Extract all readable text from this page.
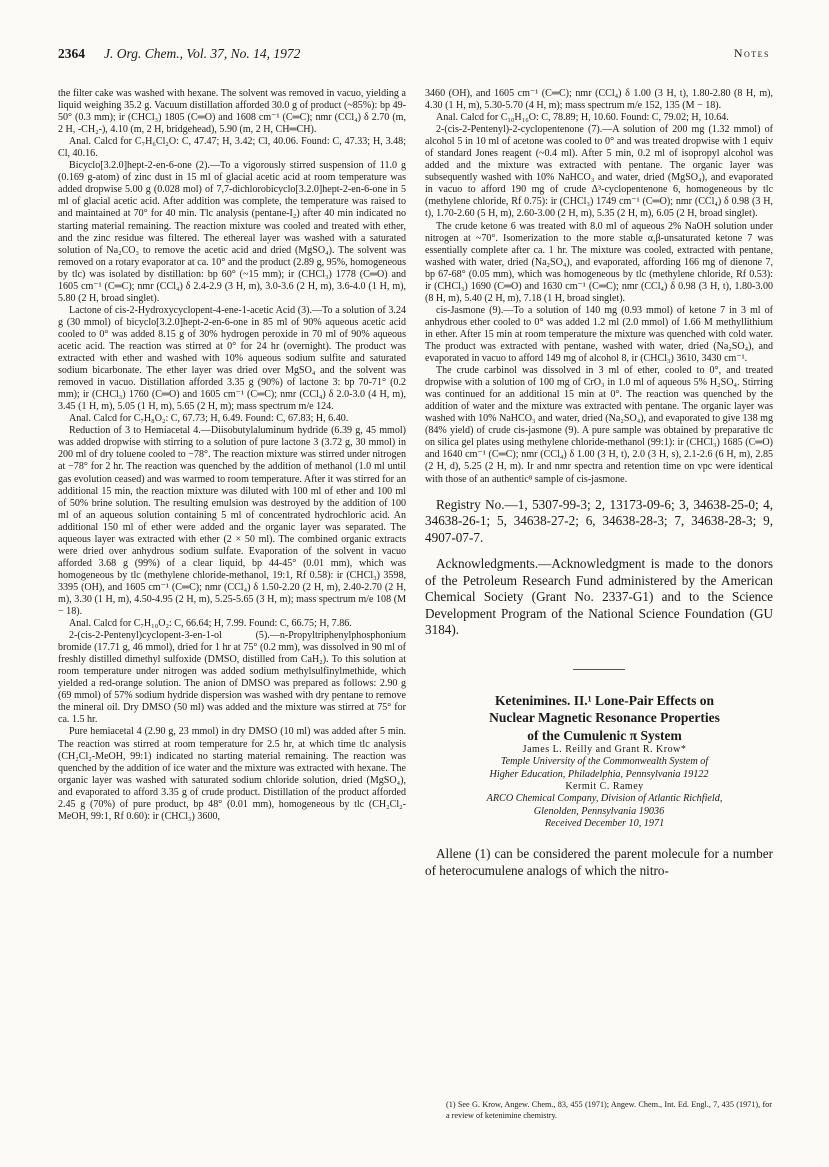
2364 J. Org. Chem., Vol. 37, No. 14, 1972	Notes

the filter cake was washed with hexane. The solvent was removed in vacuo, yielding a liquid weighing 35.2 g. Vacuum distillation afforded 30.0 g of product (~85%): bp 49-50° (0.3 mm); ir (CHCl₃) 1805 (C═O) and 1608 cm⁻¹ (C═C); nmr (CCl₄) δ 2.70 (m, 2 H, -CH₂-), 4.10 (m, 2 H, bridgehead), 5.90 (m, 2 H, CH═CH).

Anal. Calcd for C₇H₆Cl₂O: C, 47.47; H, 3.42; Cl, 40.06. Found: C, 47.33; H, 3.48; Cl, 40.16.

Bicyclo[3.2.0]hept-2-en-6-one (2).—To a vigorously stirred suspension of 11.0 g (0.169 g-atom) of zinc dust in 15 ml of glacial acetic acid at room temperature was added dropwise 5.00 g (0.028 mol) of 7,7-dichlorobicyclo[3.2.0]hept-2-en-6-one in 5 ml of glacial acetic acid. After addition was complete, the temperature was raised to and maintained at 70° for 40 min. Tlc analysis (pentane-I₂) after 40 min indicated no starting material remaining. The reaction mixture was cooled and treated with ether, and the zinc residue was filtered. The ethereal layer was washed with a saturated solution of Na₂CO₃ to remove the acetic acid and dried (MgSO₄). The solvent was removed on a rotary evaporator at ca. 10° and the product (2.89 g, 95%, homogeneous by tlc) was isolated by distillation: bp 60° (~15 mm); ir (CHCl₃) 1778 (C═O) and 1605 cm⁻¹ (C═C); nmr (CCl₄) δ 2.4-2.9 (3 H, m), 3.0-3.6 (2 H, m), 3.6-4.0 (1 H, m), 5.80 (2 H, broad singlet).

Lactone of cis-2-Hydroxycyclopent-4-ene-1-acetic Acid (3).—To a solution of 3.24 g (30 mmol) of bicyclo[3.2.0]hept-2-en-6-one in 85 ml of 90% aqueous acetic acid cooled to 0° was added 8.15 g of 30% hydrogen peroxide in 70 ml of 90% aqueous acetic acid. The reaction was stirred at 0° for 24 hr (overnight). The product was extracted with ether and washed with 10% aqueous sodium sulfite and saturated sodium bicarbonate. The ether layer was dried over MgSO₄ and the solvent was removed in vacuo. Distillation afforded 3.35 g (90%) of lactone 3: bp 70-71° (0.2 mm); ir (CHCl₃) 1760 (C═O) and 1605 cm⁻¹ (C═C); nmr (CCl₄) δ 2.0-3.0 (4 H, m), 3.45 (1 H, m), 5.05 (1 H, m), 5.65 (2 H, m); mass spectrum m/e 124.

Anal. Calcd for C₇H₈O₂: C, 67.73; H, 6.49. Found: C, 67.83; H, 6.40.

Reduction of 3 to Hemiacetal 4.—Diisobutylaluminum hydride (6.39 g, 45 mmol) was added dropwise with stirring to a solution of pure lactone 3 (3.72 g, 30 mmol) in 200 ml of dry toluene cooled to −78°. The reaction mixture was stirred under nitrogen at −78° for 2 hr. The reaction was quenched by the addition of methanol (1.0 ml until gas evolution ceased) and was warmed to room temperature. After it was stirred for an additional 15 min, the reaction mixture was diluted with 100 ml of ether and 100 ml of 50% brine solution. The resulting emulsion was destroyed by the addition of 100 ml of an aqueous solution containing 5 ml of concentrated hydrochloric acid. An additional 150 ml of ether were added and the organic layer was separated. The aqueous layer was extracted with ether (2 × 50 ml). The combined organic extracts were dried over anhydrous sodium sulfate. Evaporation of the solvent in vacuo afforded 3.68 g (99%) of a clear liquid, bp 44-45° (0.01 mm), which was homogeneous by tlc (methylene chloride-methanol, 19:1, Rf 0.58): ir (CHCl₃) 3598, 3395 (OH), and 1605 cm⁻¹ (C═C); nmr (CCl₄) δ 1.50-2.20 (2 H, m), 2.40-2.70 (2 H, m), 3.30 (1 H, m), 4.50-4.95 (2 H, m), 5.25-5.65 (3 H, m); mass spectrum m/e 108 (M − 18).

Anal. Calcd for C₇H₁₀O₂: C, 66.64; H, 7.99. Found: C, 66.75; H, 7.86.

2-(cis-2-Pentenyl)cyclopent-3-en-1-ol (5).—n-Propyltriphenylphosphonium bromide (17.71 g, 46 mmol), dried for 1 hr at 75° (0.2 mm), was dissolved in 90 ml of freshly distilled dimethyl sulfoxide (DMSO, distilled from CaH₂). To this solution at room temperature under nitrogen was added sodium methylsulfinylmethide, which yielded a red-orange solution. The anion of DMSO was prepared as follows: 2.90 g (69 mmol) of 57% sodium hydride dispersion was washed with dry pentane to remove the mineral oil. Dry DMSO (50 ml) was added and the mixture was stirred at 75° for ca. 1.5 hr.

Pure hemiacetal 4 (2.90 g, 23 mmol) in dry DMSO (10 ml) was added after 5 min. The reaction was stirred at room temperature for 2.5 hr, at which time tlc analysis (CH₂Cl₂-MeOH, 99:1) indicated no starting material remaining. The reaction was quenched by the addition of ice water and the mixture was extracted with hexane. The organic layer was washed with saturated sodium chloride solution, dried (MgSO₄), and evaporated to afford 3.35 g of crude product. Distillation of the product afforded 2.45 g (70%) of pure product, bp 48° (0.01 mm), homogeneous by tlc (CH₂Cl₂-MeOH, 99:1, Rf 0.60): ir (CHCl₃) 3600,

3460 (OH), and 1605 cm⁻¹ (C═C); nmr (CCl₄) δ 1.00 (3 H, t), 1.80-2.80 (8 H, m), 4.30 (1 H, m), 5.30-5.70 (4 H, m); mass spectrum m/e 152, 135 (M − 18).

Anal. Calcd for C₁₀H₁₆O: C, 78.89; H, 10.60. Found: C, 79.02; H, 10.64.

2-(cis-2-Pentenyl)-2-cyclopentenone (7).—A solution of 200 mg (1.32 mmol) of alcohol 5 in 10 ml of acetone was cooled to 0° and was treated dropwise with 1 equiv of standard Jones reagent (~0.4 ml). After 5 min, 0.2 ml of isopropyl alcohol was added and the mixture was extracted with pentane. The organic layer was subsequently washed with 10% NaHCO₃ and water, dried (MgSO₄), and evaporated in vacuo to afford 190 mg of crude Δ³-cyclopentenone 6, homogeneous by tlc (methylene chloride, Rf 0.75): ir (CHCl₃) 1749 cm⁻¹ (C═O); nmr (CCl₄) δ 0.98 (3 H, t), 1.70-2.60 (5 H, m), 2.60-3.00 (2 H, m), 5.35 (2 H, m), 6.05 (2 H, broad singlet).

The crude ketone 6 was treated with 8.0 ml of aqueous 2% NaOH solution under nitrogen at ~70°. Isomerization to the more stable α,β-unsaturated ketone 7 was essentially complete after ca. 1 hr. The mixture was cooled, extracted with pentane, washed with water, dried (Na₂SO₄), and evaporated, affording 166 mg of dienone 7, bp 67-68° (0.05 mm), which was homogeneous by tlc (methylene chloride, Rf 0.53): ir (CHCl₃) 1690 (C═O) and 1630 cm⁻¹ (C═C); nmr (CCl₄) δ 0.98 (3 H, t), 1.80-3.00 (8 H, m), 5.40 (2 H, m), 7.18 (1 H, broad singlet).

cis-Jasmone (9).—To a solution of 140 mg (0.93 mmol) of ketone 7 in 3 ml of anhydrous ether cooled to 0° was added 1.2 ml (2.0 mmol) of 1.66 M methyllithium in ether. After 15 min at room temperature the mixture was quenched with cold water. The product was extracted with pentane, washed with water, dried (Na₂SO₄), and evaporated in vacuo to afford 149 mg of alcohol 8, ir (CHCl₃) 3610, 3430 cm⁻¹.

The crude carbinol was dissolved in 3 ml of ether, cooled to 0°, and treated dropwise with a solution of 100 mg of CrO₃ in 1.0 ml of aqueous 5% H₂SO₄. Stirring was continued for an additional 15 min at 0°. The reaction was quenched by the addition of water and the mixture was extracted with pentane. The organic layer was washed with 10% NaHCO₃ and water, dried (Na₂SO₄), and evaporated to give 138 mg (84% yield) of crude cis-jasmone (9). A pure sample was obtained by preparative tlc on silica gel plates using methylene chloride-methanol (99:1): ir (CHCl₃) 1685 (C═O) and 1640 cm⁻¹ (C═C); nmr (CCl₄) δ 1.00 (3 H, t), 2.0 (3 H, s), 2.1-2.6 (6 H, m), 2.85 (2 H, d), 5.25 (2 H, m). Ir and nmr spectra and retention time on vpc were identical with those of an authentic⁸ sample of cis-jasmone.

Registry No.—1, 5307-99-3; 2, 13173-09-6; 3, 34638-25-0; 4, 34638-26-1; 5, 34638-27-2; 6, 34638-28-3; 7, 34638-28-3; 9, 4907-07-7.

Acknowledgments.—Acknowledgment is made to the donors of the Petroleum Research Fund administered by the American Chemical Society (Grant No. 2337-G1) and to the Science Development Program of the National Science Foundation (GU 3184).

Ketenimines. II.¹ Lone-Pair Effects on

Nuclear Magnetic Resonance Properties

of the Cumulenic π System

James L. Reilly and Grant R. Krow*

Temple University of the Commonwealth System of
Higher Education, Philadelphia, Pennsylvania 19122

Kermit C. Ramey

ARCO Chemical Company, Division of Atlantic Richfield,
Glenolden, Pennsylvania 19036

Received December 10, 1971

Allene (1) can be considered the parent molecule for a number of heterocumulene analogs of which the nitro-

(1) See G. Krow, Angew. Chem., 83, 455 (1971); Angew. Chem., Int. Ed. Engl., 7, 435 (1971), for a review of ketenimine chemistry.
